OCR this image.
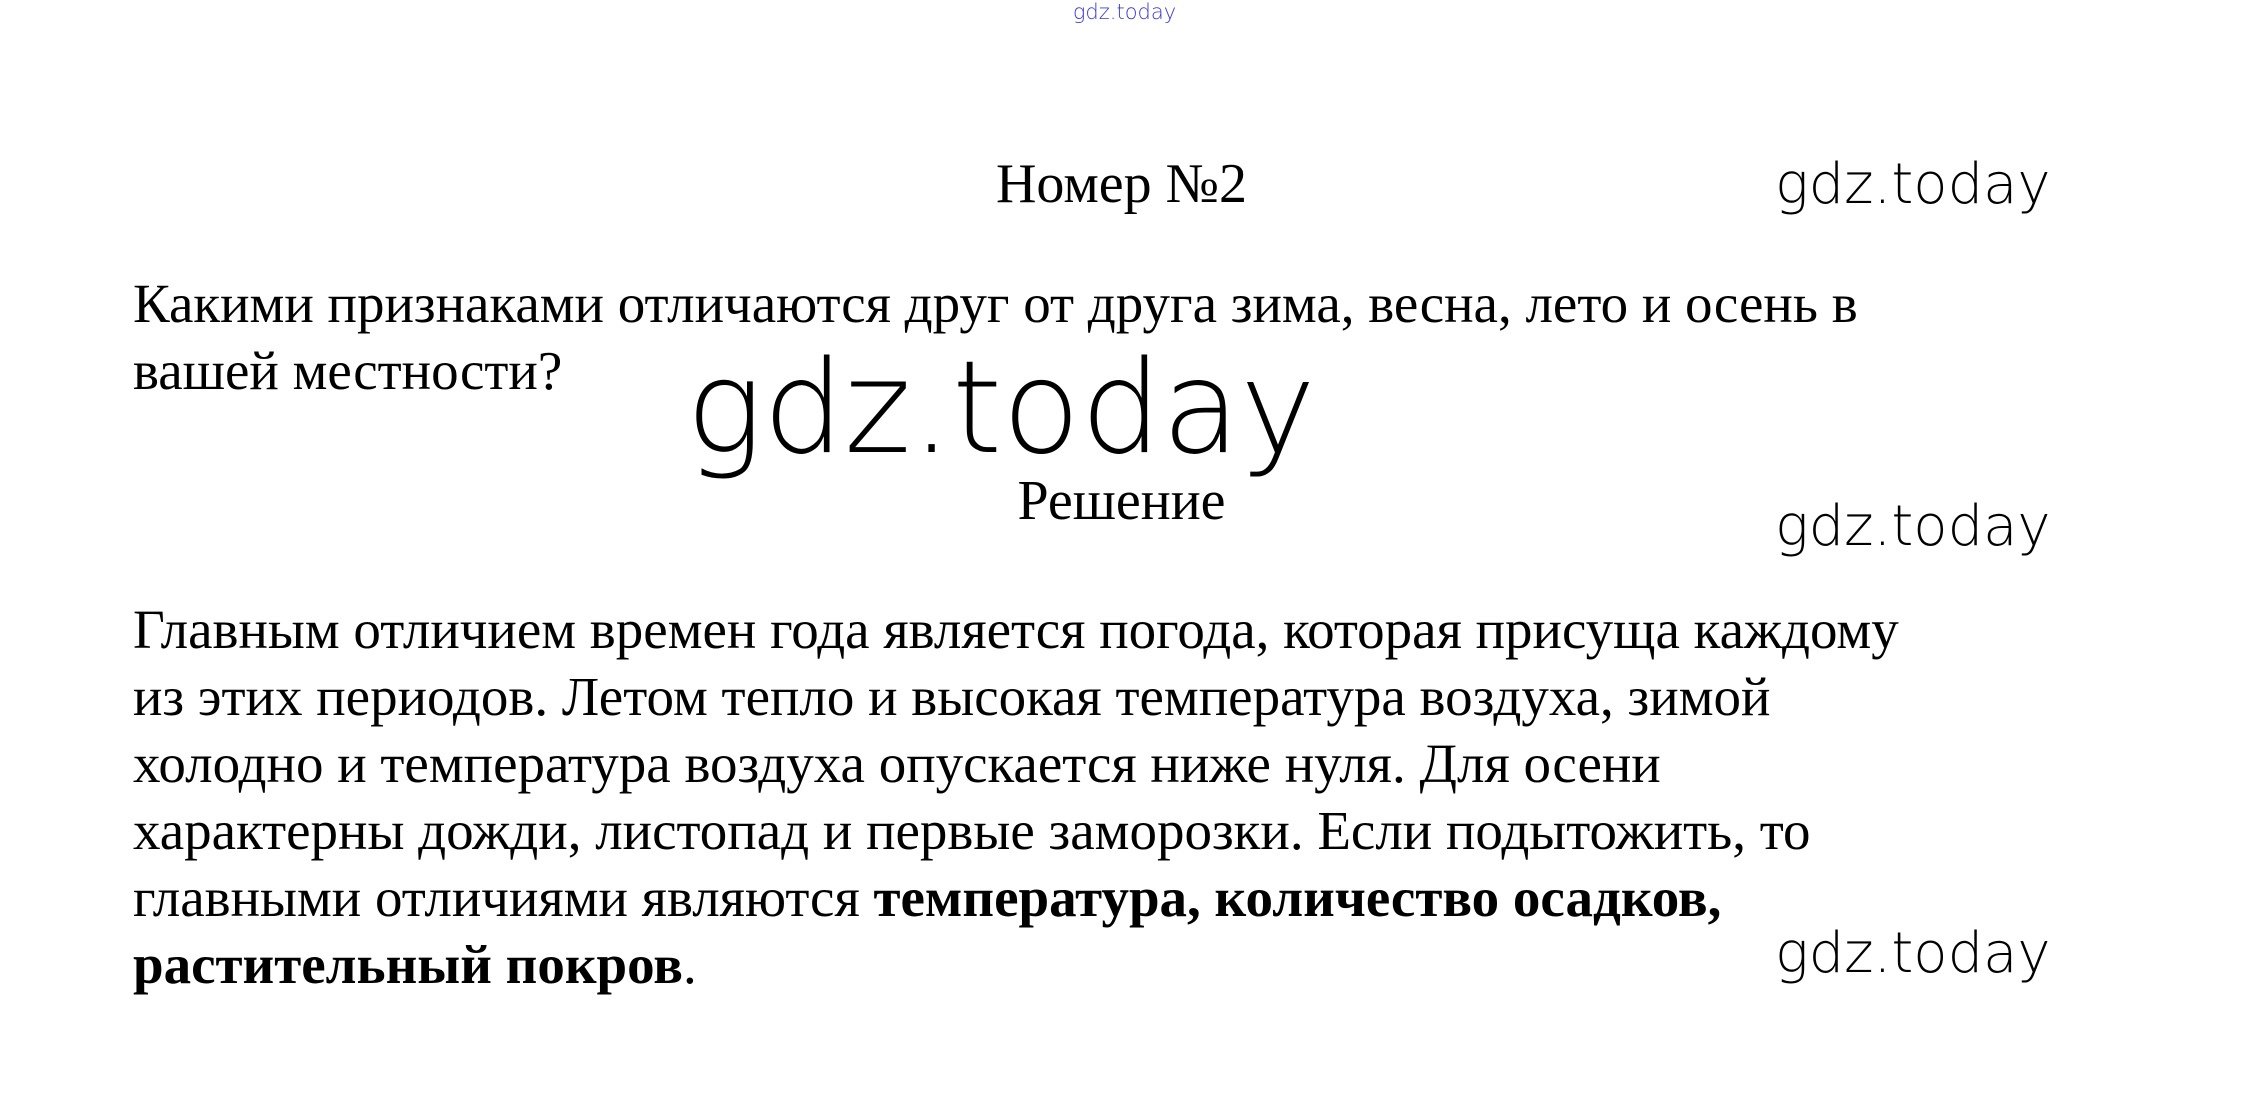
gdz.today
Номер №2	gdz.today

Какими признаками отличаются друг от друга зима, весна, лето и осень в
вашей местности? gdz.today
Решение	gdz.today

Главным отличием времен года является погода, которая присуща каждому
из этих периодов. Летом тепло и высокая температура воздуха, зимой
холодно и температура воздуха опускается ниже нуля. Для осени
характерны дожди, листопад и первые заморозки. Если подытожить, то
главными отличиями являются температура, количество осадков,
растительный покров.	gdz.today
